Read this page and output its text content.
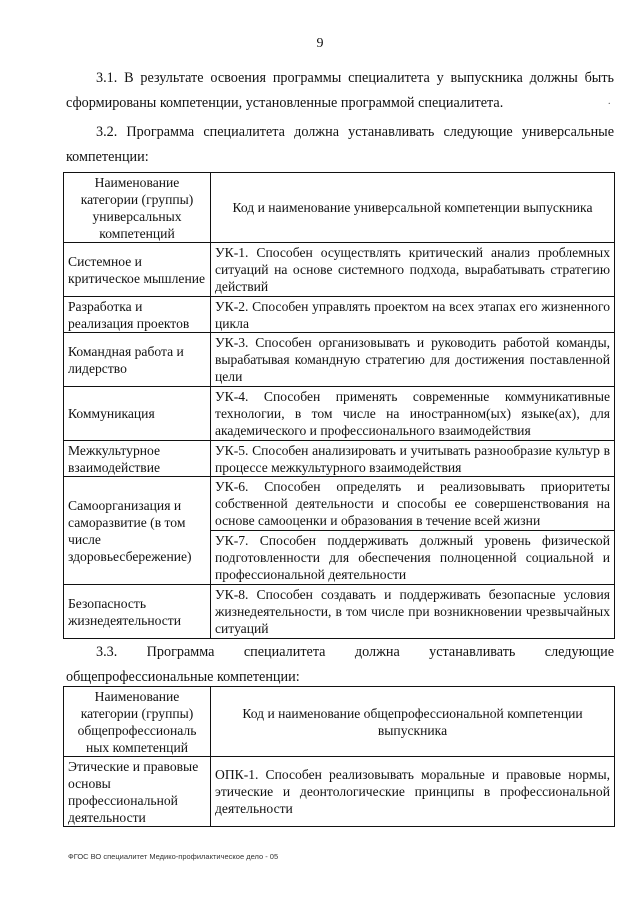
9
3.1. В результате освоения программы специалитета у выпускника должны быть сформированы компетенции, установленные программой специалитета.	.
3.2. Программа специалитета должна устанавливать следующие универсальные компетенции:
Наименование категории (группы) универсальных компетенций	Код и наименование универсальной компетенции выпускника
Системное и критическое мышление	УК-1. Способен осуществлять критический анализ проблемных ситуаций на основе системного подхода, вырабатывать стратегию действий
Разработка и реализация проектов	УК-2. Способен управлять проектом на всех этапах его жизненного цикла
Командная работа и лидерство	УК-3. Способен организовывать и руководить работой команды, вырабатывая командную стратегию для достижения поставленной цели
Коммуникация	УК-4. Способен применять современные коммуникативные технологии, в том числе на иностранном(ых) языке(ах), для академического и профессионального взаимодействия
Межкультурное взаимодействие	УК-5. Способен анализировать и учитывать разнообразие культур в процессе межкультурного взаимодействия
Самоорганизация и саморазвитие (в том числе здоровьесбережение)	УК-6. Способен определять и реализовывать приоритеты собственной деятельности и способы ее совершенствования на основе самооценки и образования в течение всей жизни
	УК-7. Способен поддерживать должный уровень физической подготовленности для обеспечения полноценной социальной и профессиональной деятельности
Безопасность жизнедеятельности	УК-8. Способен создавать и поддерживать безопасные условия жизнедеятельности, в том числе при возникновении чрезвычайных ситуаций
3.3. Программа специалитета должна устанавливать следующие общепрофессиональные компетенции:
Наименование категории (группы) общепрофессиональ ных компетенций	Код и наименование общепрофессиональной компетенции выпускника
Этические и правовые основы профессиональной деятельности	ОПК-1. Способен реализовывать моральные и правовые нормы, этические и деонтологические принципы в профессиональной деятельности
ФГОС ВО специалитет Медико-профилактическое дело - 05
